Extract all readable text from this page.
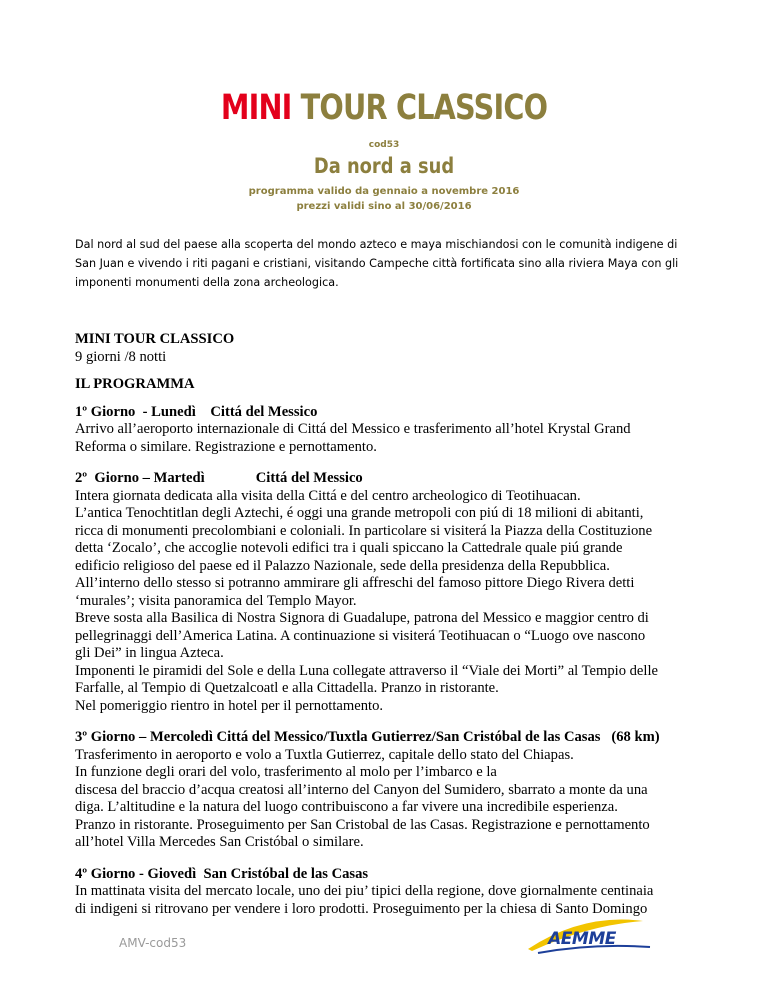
MINI TOUR CLASSICO
cod53
Da nord a sud
programma valido da gennaio a novembre 2016
prezzi validi sino al 30/06/2016
Dal nord al sud del paese alla scoperta del mondo azteco e maya mischiandosi con le comunità indigene di San Juan e vivendo i riti pagani e cristiani, visitando Campeche città fortificata sino alla riviera Maya con gli imponenti monumenti della zona archeologica.

MINI TOUR CLASSICO

9 giorni /8 notti

IL PROGRAMMA

1º Giorno  - Lunedì    Cittá del Messico

Arrivo all’aeroporto internazionale di Cittá del Messico e trasferimento all’hotel Krystal Grand

Reforma o similare. Registrazione e pernottamento.

2º  Giorno – Martedì              Cittá del Messico

Intera giornata dedicata alla visita della Cittá e del centro archeologico di Teotihuacan.

L’antica Tenochtitlan degli Aztechi, é oggi una grande metropoli con piú di 18 milioni di abitanti,

ricca di monumenti precolombiani e coloniali. In particolare si visiterá la Piazza della Costituzione

detta ‘Zocalo’, che accoglie notevoli edifici tra i quali spiccano la Cattedrale quale piú grande

edificio religioso del paese ed il Palazzo Nazionale, sede della presidenza della Repubblica.

All’interno dello stesso si potranno ammirare gli affreschi del famoso pittore Diego Rivera detti

‘murales’; visita panoramica del Templo Mayor.

Breve sosta alla Basilica di Nostra Signora di Guadalupe, patrona del Messico e maggior centro di

pellegrinaggi dell’America Latina. A continuazione si visiterá Teotihuacan o “Luogo ove nascono

gli Dei” in lingua Azteca.

Imponenti le piramidi del Sole e della Luna collegate attraverso il “Viale dei Morti” al Tempio delle

Farfalle, al Tempio di Quetzalcoatl e alla Cittadella. Pranzo in ristorante.

Nel pomeriggio rientro in hotel per il pernottamento.

3º Giorno – Mercoledì Cittá del Messico/Tuxtla Gutierrez/San Cristóbal de las Casas   (68 km)

Trasferimento in aeroporto e volo a Tuxtla Gutierrez, capitale dello stato del Chiapas.

In funzione degli orari del volo, trasferimento al molo per l’imbarco e la

discesa del braccio d’acqua creatosi all’interno del Canyon del Sumidero, sbarrato a monte da una

diga. L’altitudine e la natura del luogo contribuiscono a far vivere una incredibile esperienza.

Pranzo in ristorante. Proseguimento per San Cristobal de las Casas. Registrazione e pernottamento

all’hotel Villa Mercedes San Cristóbal o similare.

4º Giorno - Giovedì  San Cristóbal de las Casas

In mattinata visita del mercato locale, uno dei piu’ tipici della regione, dove giornalmente centinaia

di indigeni si ritrovano per vendere i loro prodotti. Proseguimento per la chiesa di Santo Domingo

AMV-cod53	AEMME
